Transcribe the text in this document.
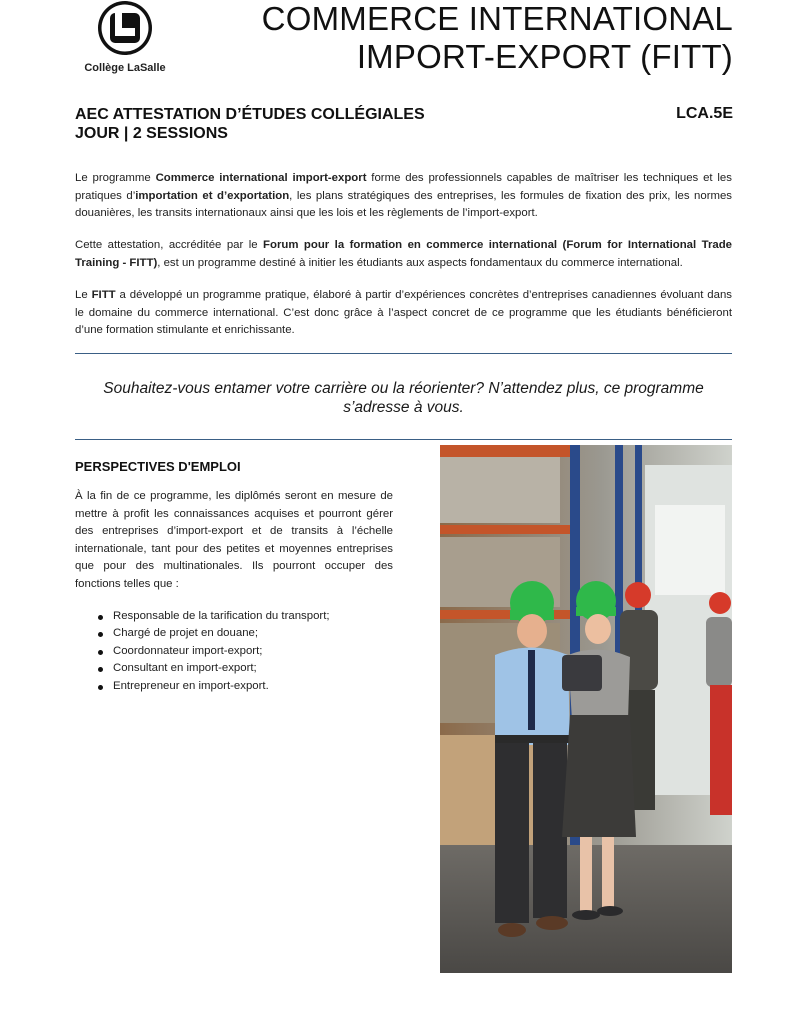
Collège LaSalle
COMMERCE INTERNATIONAL
IMPORT-EXPORT (FITT)
AEC ATTESTATION D’ÉTUDES COLLÉGIALES
JOUR | 2 SESSIONS
LCA.5E

Le programme Commerce international import-export forme des professionnels capables de maîtriser les techniques et les pratiques d’importation et d’exportation, les plans stratégiques des entreprises, les formules de fixation des prix, les normes douanières, les transits internationaux ainsi que les lois et les règlements de l’import-export.

Cette attestation, accréditée par le Forum pour la formation en commerce international (Forum for International Trade Training - FITT), est un programme destiné à initier les étudiants aux aspects fondamentaux du commerce international.

Le FITT a développé un programme pratique, élaboré à partir d’expériences concrètes d’entreprises canadiennes évoluant dans le domaine du commerce international. C’est donc grâce à l’aspect concret de ce programme que les étudiants bénéficieront d’une formation stimulante et enrichissante.

Souhaitez-vous entamer votre carrière ou la réorienter? N’attendez plus, ce programme s’adresse à vous.
PERSPECTIVES D'EMPLOI

À la fin de ce programme, les diplômés seront en mesure de mettre à profit les connaissances acquises et pourront gérer des entreprises d’import-export et de transits à l’échelle internationale, tant pour des petites et moyennes entreprises que pour des multinationales. Ils pourront occuper des fonctions telles que :

Responsable de la tarification du transport;
Chargé de projet en douane;
Coordonnateur import-export;
Consultant en import-export;
Entrepreneur en import-export.
